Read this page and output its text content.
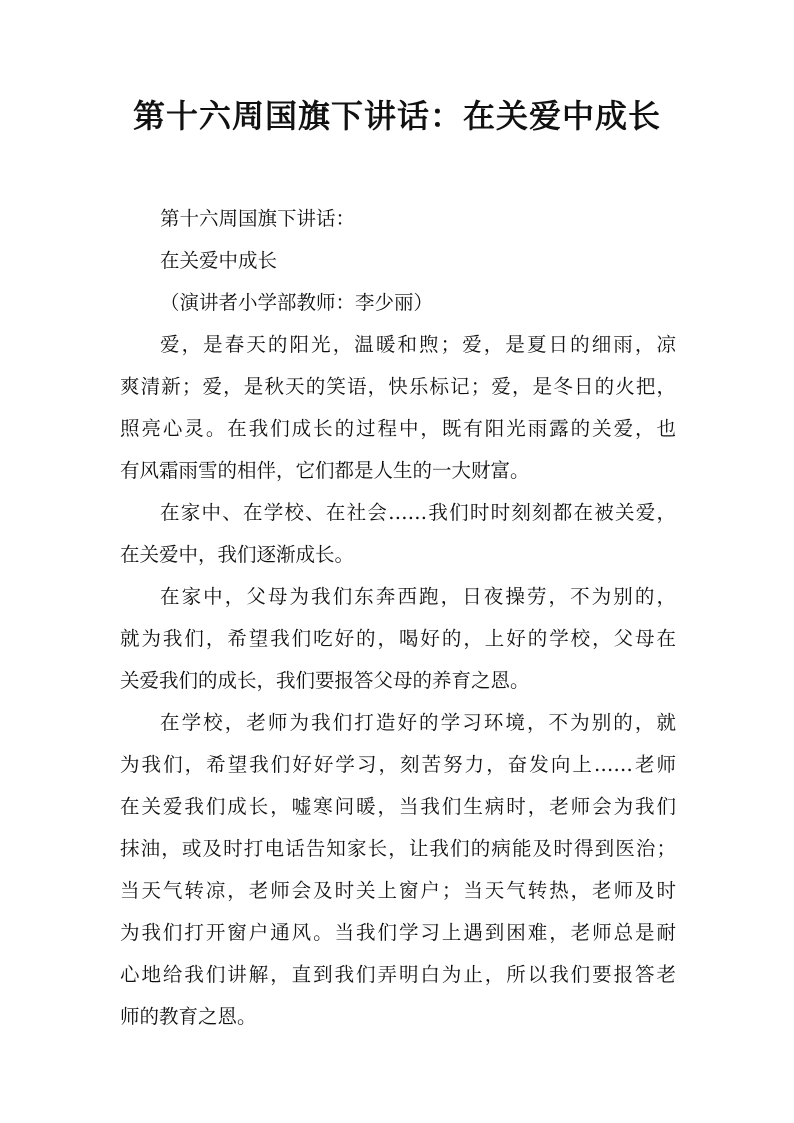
第十六周国旗下讲话：在关爱中成长
第十六周国旗下讲话：
在关爱中成长
（演讲者小学部教师：李少丽）
爱，是春天的阳光，温暖和煦；爱，是夏日的细雨，凉
爽清新；爱，是秋天的笑语，快乐标记；爱，是冬日的火把，
照亮心灵。在我们成长的过程中，既有阳光雨露的关爱，也
有风霜雨雪的相伴，它们都是人生的一大财富。
在家中、在学校、在社会……我们时时刻刻都在被关爱，
在关爱中，我们逐渐成长。
在家中，父母为我们东奔西跑，日夜操劳，不为别的，
就为我们，希望我们吃好的，喝好的，上好的学校，父母在
关爱我们的成长，我们要报答父母的养育之恩。
在学校，老师为我们打造好的学习环境，不为别的，就
为我们，希望我们好好学习，刻苦努力，奋发向上……老师
在关爱我们成长，嘘寒问暖，当我们生病时，老师会为我们
抹油，或及时打电话告知家长，让我们的病能及时得到医治；
当天气转凉，老师会及时关上窗户；当天气转热，老师及时
为我们打开窗户通风。当我们学习上遇到困难，老师总是耐
心地给我们讲解，直到我们弄明白为止，所以我们要报答老
师的教育之恩。
